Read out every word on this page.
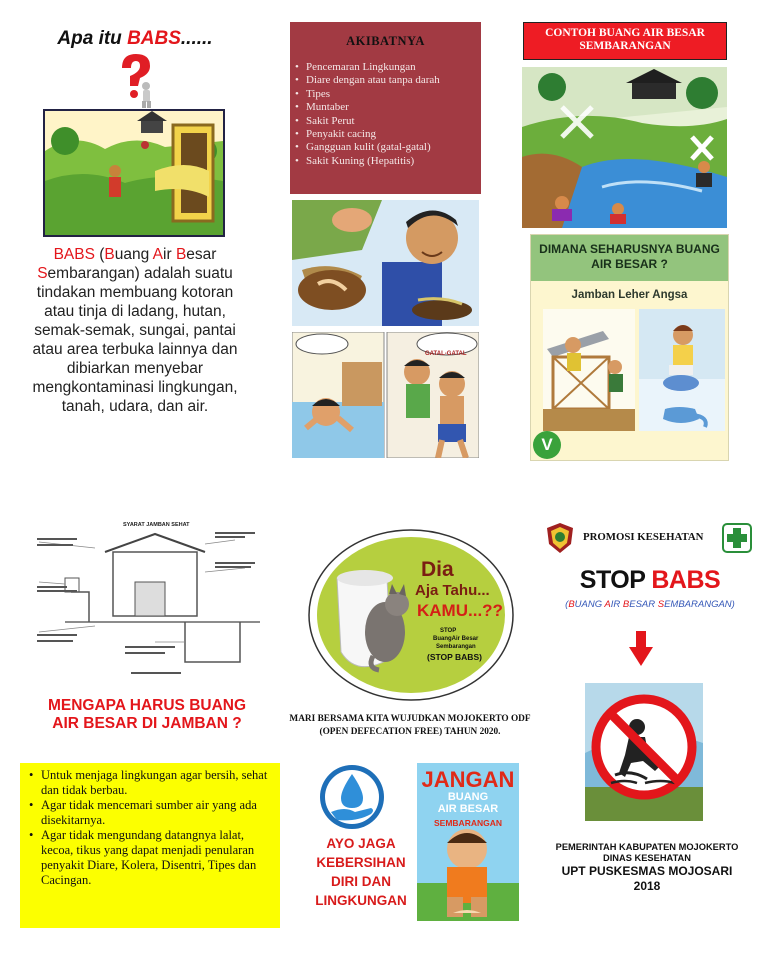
Apa itu BABS......
BABS (Buang Air Besar Sembarangan) adalah suatu tindakan membuang kotoran atau tinja di ladang, hutan, semak-semak, sungai, pantai atau area terbuka lainnya dan dibiarkan menyebar mengkontaminasi lingkungan, tanah, udara, dan air.
AKIBATNYA
• Pencemaran Lingkungan
• Diare dengan atau tanpa darah
• Tipes
• Muntaber
• Sakit Perut
• Penyakit cacing
• Gangguan kulit (gatal-gatal)
• Sakit Kuning (Hepatitis)
GATAL-GATAL
CONTOH BUANG AIR BESAR SEMBARANGAN
DIMANA SEHARUSNYA BUANG AIR BESAR ?
Jamban Leher Angsa
V
SYARAT JAMBAN SEHAT
MENGAPA HARUS BUANG AIR BESAR DI JAMBAN ?
• Untuk menjaga lingkungan agar bersih, sehat dan tidak berbau.
• Agar tidak mencemari sumber air yang ada disekitarnya.
• Agar tidak mengundang datangnya lalat, kecoa, tikus yang dapat menjadi penularan penyakit Diare, Kolera, Disentri, Tipes dan Cacingan.
Dia
Aja Tahu...
KAMU...??
STOP
BuangAir Besar
Sembarangan
(STOP BABS)
MARI BERSAMA KITA WUJUDKAN MOJOKERTO ODF (OPEN DEFECATION FREE) TAHUN 2020.
AYO JAGA
KEBERSIHAN
DIRI DAN
LINGKUNGAN
JANGAN
BUANG
AIR BESAR
SEMBARANGAN
PROMOSI KESEHATAN
STOP BABS
(BUANG AIR BESAR SEMBARANGAN)
PEMERINTAH KABUPATEN MOJOKERTO
DINAS KESEHATAN
UPT PUSKESMAS MOJOSARI
2018
